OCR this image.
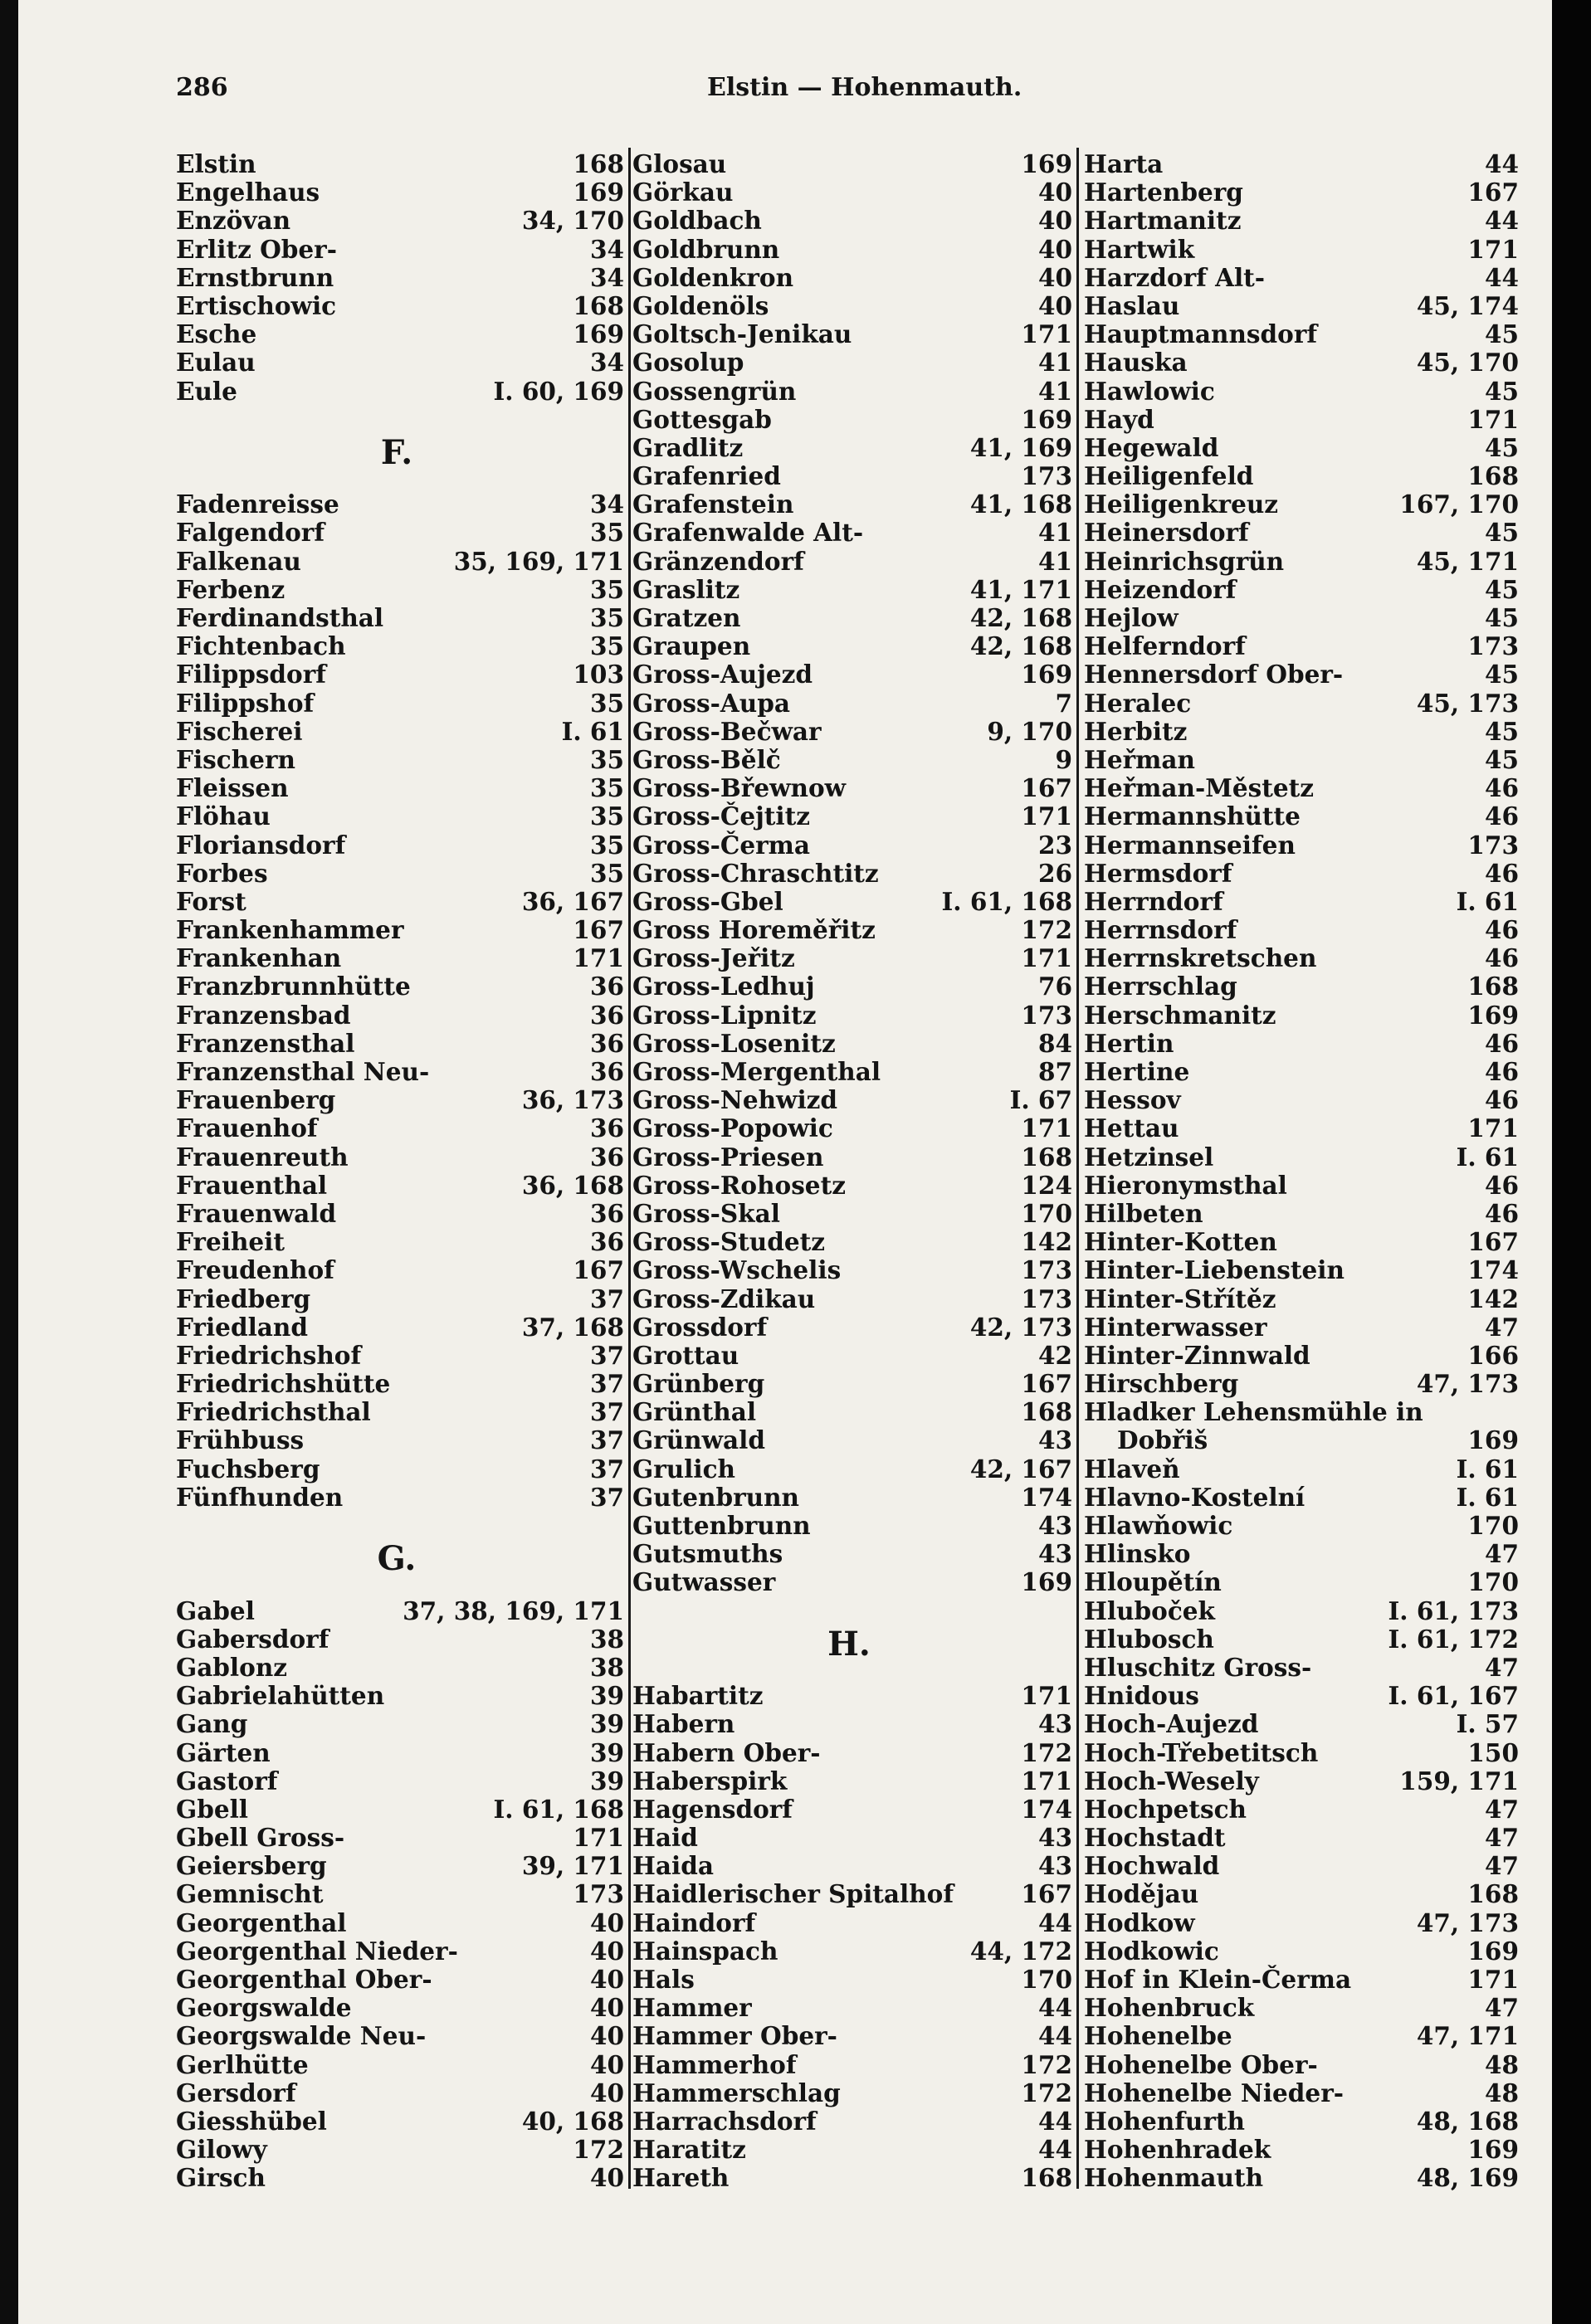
286	Elstin — Hohenmauth.
Elstin	168
Engelhaus	169
Enzövan	34, 170
Erlitz Ober-	34
Ernstbrunn	34
Ertischowic	168
Esche	169
Eulau	34
Eule	I. 60, 169
F.
Fadenreisse	34
Falgendorf	35
Falkenau	35, 169, 171
Ferbenz	35
Ferdinandsthal	35
Fichtenbach	35
Filippsdorf	103
Filippshof	35
Fischerei	I. 61
Fischern	35
Fleissen	35
Flöhau	35
Floriansdorf	35
Forbes	35
Forst	36, 167
Frankenhammer	167
Frankenhan	171
Franzbrunnhütte	36
Franzensbad	36
Franzensthal	36
Franzensthal Neu-	36
Frauenberg	36, 173
Frauenhof	36
Frauenreuth	36
Frauenthal	36, 168
Frauenwald	36
Freiheit	36
Freudenhof	167
Friedberg	37
Friedland	37, 168
Friedrichshof	37
Friedrichshütte	37
Friedrichsthal	37
Frühbuss	37
Fuchsberg	37
Fünfhunden	37
G.
Gabel	37, 38, 169, 171
Gabersdorf	38
Gablonz	38
Gabrielahütten	39
Gang	39
Gärten	39
Gastorf	39
Gbell	I. 61, 168
Gbell Gross-	171
Geiersberg	39, 171
Gemnischt	173
Georgenthal	40
Georgenthal Nieder-	40
Georgenthal Ober-	40
Georgswalde	40
Georgswalde Neu-	40
Gerlhütte	40
Gersdorf	40
Giesshübel	40, 168
Gilowy	172
Girsch	40
Glosau	169
Görkau	40
Goldbach	40
Goldbrunn	40
Goldenkron	40
Goldenöls	40
Goltsch-Jenikau	171
Gosolup	41
Gossengrün	41
Gottesgab	169
Gradlitz	41, 169
Grafenried	173
Grafenstein	41, 168
Grafenwalde Alt-	41
Gränzendorf	41
Graslitz	41, 171
Gratzen	42, 168
Graupen	42, 168
Gross-Aujezd	169
Gross-Aupa	7
Gross-Bečwar	9, 170
Gross-Bělč	9
Gross-Břewnow	167
Gross-Čejtitz	171
Gross-Čerma	23
Gross-Chraschtitz	26
Gross-Gbel	I. 61, 168
Gross Horeměřitz	172
Gross-Jeřitz	171
Gross-Ledhuj	76
Gross-Lipnitz	173
Gross-Losenitz	84
Gross-Mergenthal	87
Gross-Nehwizd	I. 67
Gross-Popowic	171
Gross-Priesen	168
Gross-Rohosetz	124
Gross-Skal	170
Gross-Studetz	142
Gross-Wschelis	173
Gross-Zdikau	173
Grossdorf	42, 173
Grottau	42
Grünberg	167
Grünthal	168
Grünwald	43
Grulich	42, 167
Gutenbrunn	174
Guttenbrunn	43
Gutsmuths	43
Gutwasser	169
H.
Habartitz	171
Habern	43
Habern Ober-	172
Haberspirk	171
Hagensdorf	174
Haid	43
Haida	43
Haidlerischer Spitalhof	167
Haindorf	44
Hainspach	44, 172
Hals	170
Hammer	44
Hammer Ober-	44
Hammerhof	172
Hammerschlag	172
Harrachsdorf	44
Haratitz	44
Hareth	168
Harta	44
Hartenberg	167
Hartmanitz	44
Hartwik	171
Harzdorf Alt-	44
Haslau	45, 174
Hauptmannsdorf	45
Hauska	45, 170
Hawlowic	45
Hayd	171
Hegewald	45
Heiligenfeld	168
Heiligenkreuz	167, 170
Heinersdorf	45
Heinrichsgrün	45, 171
Heizendorf	45
Hejlow	45
Helferndorf	173
Hennersdorf Ober-	45
Heralec	45, 173
Herbitz	45
Heřman	45
Heřman-Městetz	46
Hermannshütte	46
Hermannseifen	173
Hermsdorf	46
Herrndorf	I. 61
Herrnsdorf	46
Herrnskretschen	46
Herrschlag	168
Herschmanitz	169
Hertin	46
Hertine	46
Hessov	46
Hettau	171
Hetzinsel	I. 61
Hieronymsthal	46
Hilbeten	46
Hinter-Kotten	167
Hinter-Liebenstein	174
Hinter-Střítěz	142
Hinterwasser	47
Hinter-Zinnwald	166
Hirschberg	47, 173
Hladker Lehensmühle in
Dobřiš	169
Hlaveň	I. 61
Hlavno-Kostelní	I. 61
Hlawňowic	170
Hlinsko	47
Hloupětín	170
Hluboček	I. 61, 173
Hlubosch	I. 61, 172
Hluschitz Gross-	47
Hnidous	I. 61, 167
Hoch-Aujezd	I. 57
Hoch-Třebetitsch	150
Hoch-Wesely	159, 171
Hochpetsch	47
Hochstadt	47
Hochwald	47
Hodějau	168
Hodkow	47, 173
Hodkowic	169
Hof in Klein-Čerma	171
Hohenbruck	47
Hohenelbe	47, 171
Hohenelbe Ober-	48
Hohenelbe Nieder-	48
Hohenfurth	48, 168
Hohenhradek	169
Hohenmauth	48, 169
